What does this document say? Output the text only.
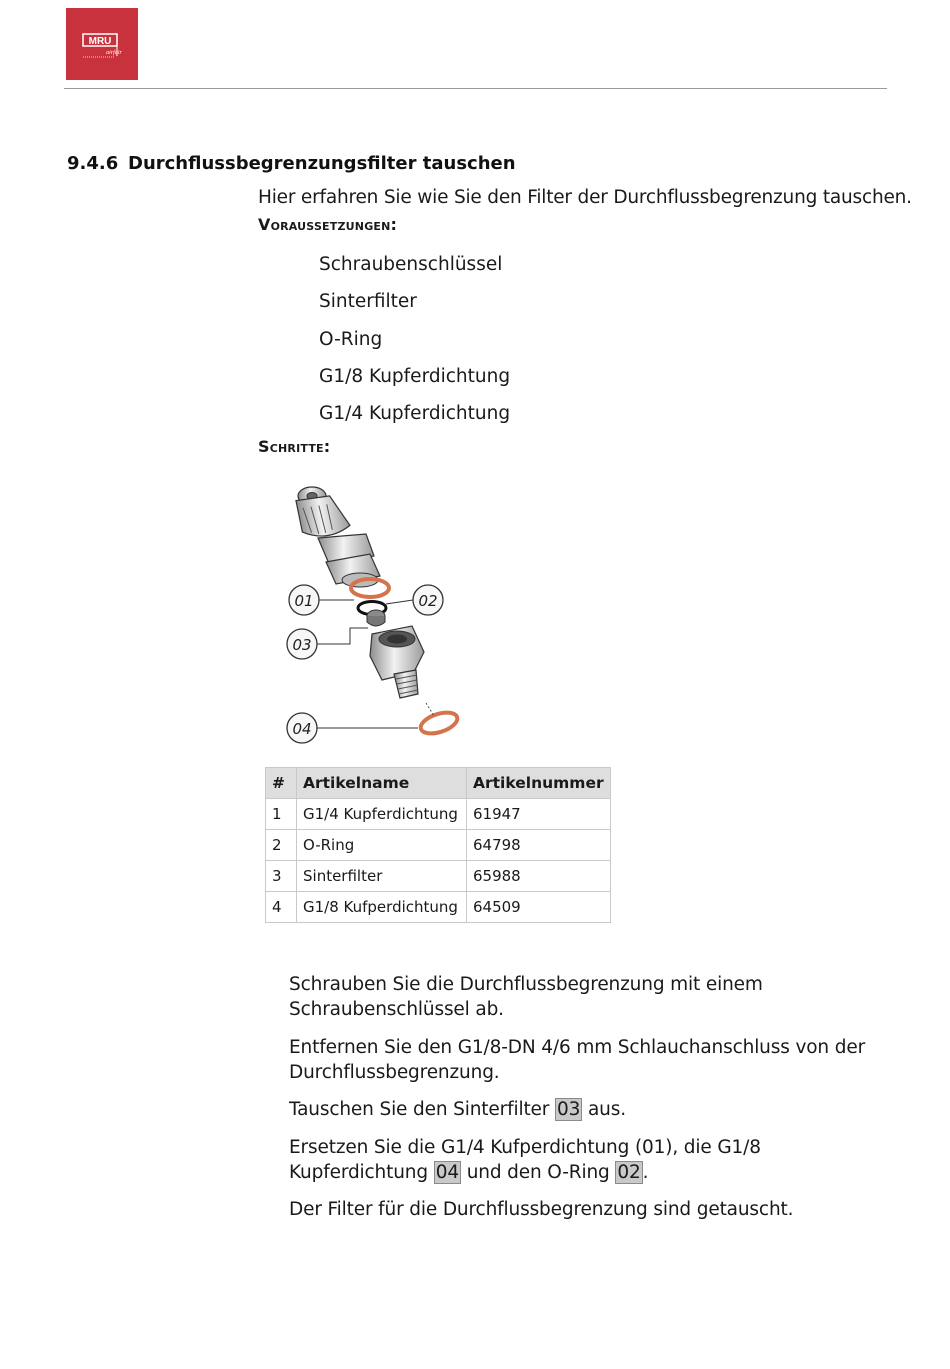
MRU
airfair
9.4.6 Durchflussbegrenzungsfilter tauschen
Hier erfahren Sie wie Sie den Filter der Durchflussbegrenzung tauschen.
Voraussetzungen:
Schraubenschlüssel
Sinterfilter
O-Ring
G1/8 Kupferdichtung
G1/4 Kupferdichtung
Schritte:
01	02
03
04
#	Artikelname	Artikelnummer
1	G1/4 Kupferdichtung	61947
2	O-Ring	64798
3	Sinterfilter	65988
4	G1/8 Kufperdichtung	64509

Schrauben Sie die Durchflussbegrenzung mit einem Schraubenschlüssel ab.

Entfernen Sie den G1/8-DN 4/6 mm Schlauchanschluss von der Durchflussbegrenzung.

Tauschen Sie den Sinterfilter 03 aus.

Ersetzen Sie die G1/4 Kufperdichtung (01), die G1/8 Kupferdichtung 04 und den O-Ring 02 .

Der Filter für die Durchflussbegrenzung sind getauscht.
